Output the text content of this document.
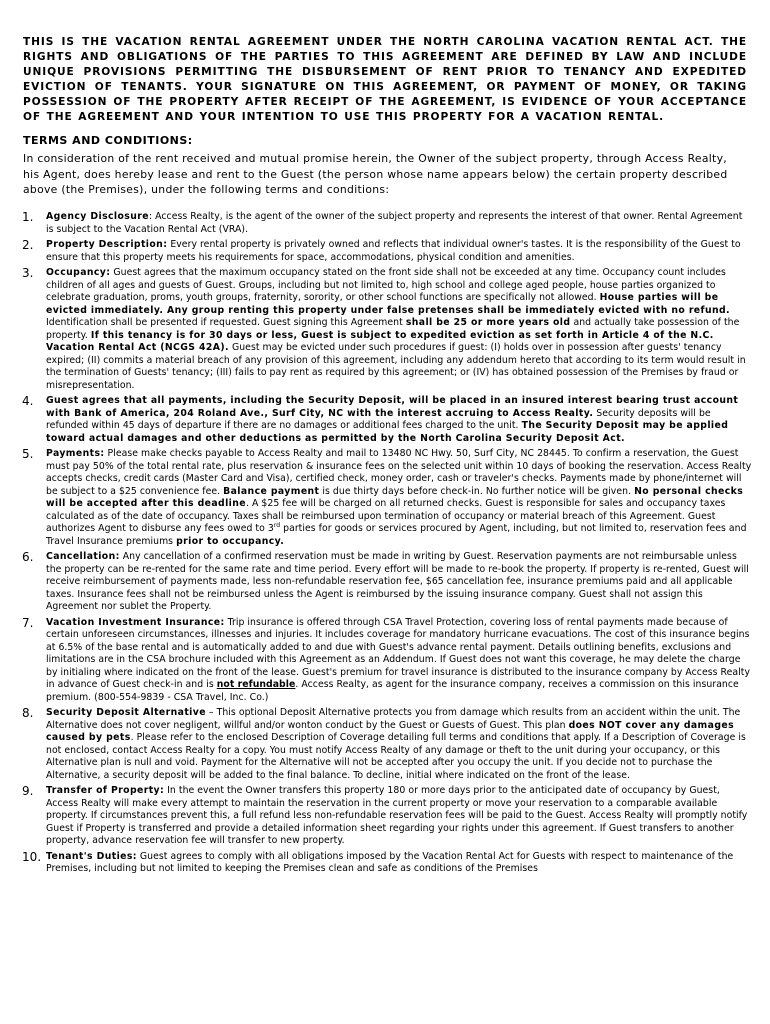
THIS IS THE VACATION RENTAL AGREEMENT UNDER THE NORTH CAROLINA VACATION RENTAL ACT. THE RIGHTS AND OBLIGATIONS OF THE PARTIES TO THIS AGREEMENT ARE DEFINED BY LAW AND INCLUDE UNIQUE PROVISIONS PERMITTING THE DISBURSEMENT OF RENT PRIOR TO TENANCY AND EXPEDITED EVICTION OF TENANTS. YOUR SIGNATURE ON THIS AGREEMENT, OR PAYMENT OF MONEY, OR TAKING POSSESSION OF THE PROPERTY AFTER RECEIPT OF THE AGREEMENT, IS EVIDENCE OF YOUR ACCEPTANCE OF THE AGREEMENT AND YOUR INTENTION TO USE THIS PROPERTY FOR A VACATION RENTAL.
TERMS AND CONDITIONS:
In consideration of the rent received and mutual promise herein, the Owner of the subject property, through Access Realty, his Agent, does hereby lease and rent to the Guest (the person whose name appears below) the certain property described above (the Premises), under the following terms and conditions:
1. Agency Disclosure: Access Realty, is the agent of the owner of the subject property and represents the interest of that owner. Rental Agreement is subject to the Vacation Rental Act (VRA).
2. Property Description: Every rental property is privately owned and reflects that individual owner's tastes. It is the responsibility of the Guest to ensure that this property meets his requirements for space, accommodations, physical condition and amenities.
3. Occupancy: Guest agrees that the maximum occupancy stated on the front side shall not be exceeded at any time. Occupancy count includes children of all ages and guests of Guest. Groups, including but not limited to, high school and college aged people, house parties organized to celebrate graduation, proms, youth groups, fraternity, sorority, or other school functions are specifically not allowed. House parties will be evicted immediately. Any group renting this property under false pretenses shall be immediately evicted with no refund. Identification shall be presented if requested. Guest signing this Agreement shall be 25 or more years old and actually take possession of the property. If this tenancy is for 30 days or less, Guest is subject to expedited eviction as set forth in Article 4 of the N.C. Vacation Rental Act (NCGS 42A). Guest may be evicted under such procedures if guest: (I) holds over in possession after guests' tenancy expired; (II) commits a material breach of any provision of this agreement, including any addendum hereto that according to its term would result in the termination of Guests' tenancy; (III) fails to pay rent as required by this agreement; or (IV) has obtained possession of the Premises by fraud or misrepresentation.
4. Guest agrees that all payments, including the Security Deposit, will be placed in an insured interest bearing trust account with Bank of America, 204 Roland Ave., Surf City, NC with the interest accruing to Access Realty. Security deposits will be refunded within 45 days of departure if there are no damages or additional fees charged to the unit. The Security Deposit may be applied toward actual damages and other deductions as permitted by the North Carolina Security Deposit Act.
5. Payments: Please make checks payable to Access Realty and mail to 13480 NC Hwy. 50, Surf City, NC 28445. To confirm a reservation, the Guest must pay 50% of the total rental rate, plus reservation & insurance fees on the selected unit within 10 days of booking the reservation. Access Realty accepts checks, credit cards (Master Card and Visa), certified check, money order, cash or traveler's checks. Payments made by phone/internet will be subject to a $25 convenience fee. Balance payment is due thirty days before check-in. No further notice will be given. No personal checks will be accepted after this deadline. A $25 fee will be charged on all returned checks. Guest is responsible for sales and occupancy taxes calculated as of the date of occupancy. Taxes shall be reimbursed upon termination of occupancy or material breach of this Agreement. Guest authorizes Agent to disburse any fees owed to 3rd parties for goods or services procured by Agent, including, but not limited to, reservation fees and Travel Insurance premiums prior to occupancy.
6. Cancellation: Any cancellation of a confirmed reservation must be made in writing by Guest. Reservation payments are not reimbursable unless the property can be re-rented for the same rate and time period. Every effort will be made to re-book the property. If property is re-rented, Guest will receive reimbursement of payments made, less non-refundable reservation fee, $65 cancellation fee, insurance premiums paid and all applicable taxes. Insurance fees shall not be reimbursed unless the Agent is reimbursed by the issuing insurance company. Guest shall not assign this Agreement nor sublet the Property.
7. Vacation Investment Insurance: Trip insurance is offered through CSA Travel Protection, covering loss of rental payments made because of certain unforeseen circumstances, illnesses and injuries. It includes coverage for mandatory hurricane evacuations. The cost of this insurance begins at 6.5% of the base rental and is automatically added to and due with Guest's advance rental payment. Details outlining benefits, exclusions and limitations are in the CSA brochure included with this Agreement as an Addendum. If Guest does not want this coverage, he may delete the charge by initialing where indicated on the front of the lease. Guest's premium for travel insurance is distributed to the insurance company by Access Realty in advance of Guest check-in and is not refundable. Access Realty, as agent for the insurance company, receives a commission on this insurance premium. (800-554-9839 - CSA Travel, Inc. Co.)
8. Security Deposit Alternative – This optional Deposit Alternative protects you from damage which results from an accident within the unit. The Alternative does not cover negligent, willful and/or wonton conduct by the Guest or Guests of Guest. This plan does NOT cover any damages caused by pets. Please refer to the enclosed Description of Coverage detailing full terms and conditions that apply. If a Description of Coverage is not enclosed, contact Access Realty for a copy. You must notify Access Realty of any damage or theft to the unit during your occupancy, or this Alternative plan is null and void. Payment for the Alternative will not be accepted after you occupy the unit. If you decide not to purchase the Alternative, a security deposit will be added to the final balance. To decline, initial where indicated on the front of the lease.
9. Transfer of Property: In the event the Owner transfers this property 180 or more days prior to the anticipated date of occupancy by Guest, Access Realty will make every attempt to maintain the reservation in the current property or move your reservation to a comparable available property. If circumstances prevent this, a full refund less non-refundable reservation fees will be paid to the Guest. Access Realty will promptly notify Guest if Property is transferred and provide a detailed information sheet regarding your rights under this agreement. If Guest transfers to another property, advance reservation fee will transfer to new property.
10. Tenant's Duties: Guest agrees to comply with all obligations imposed by the Vacation Rental Act for Guests with respect to maintenance of the Premises, including but not limited to keeping the Premises clean and safe as conditions of the Premises
